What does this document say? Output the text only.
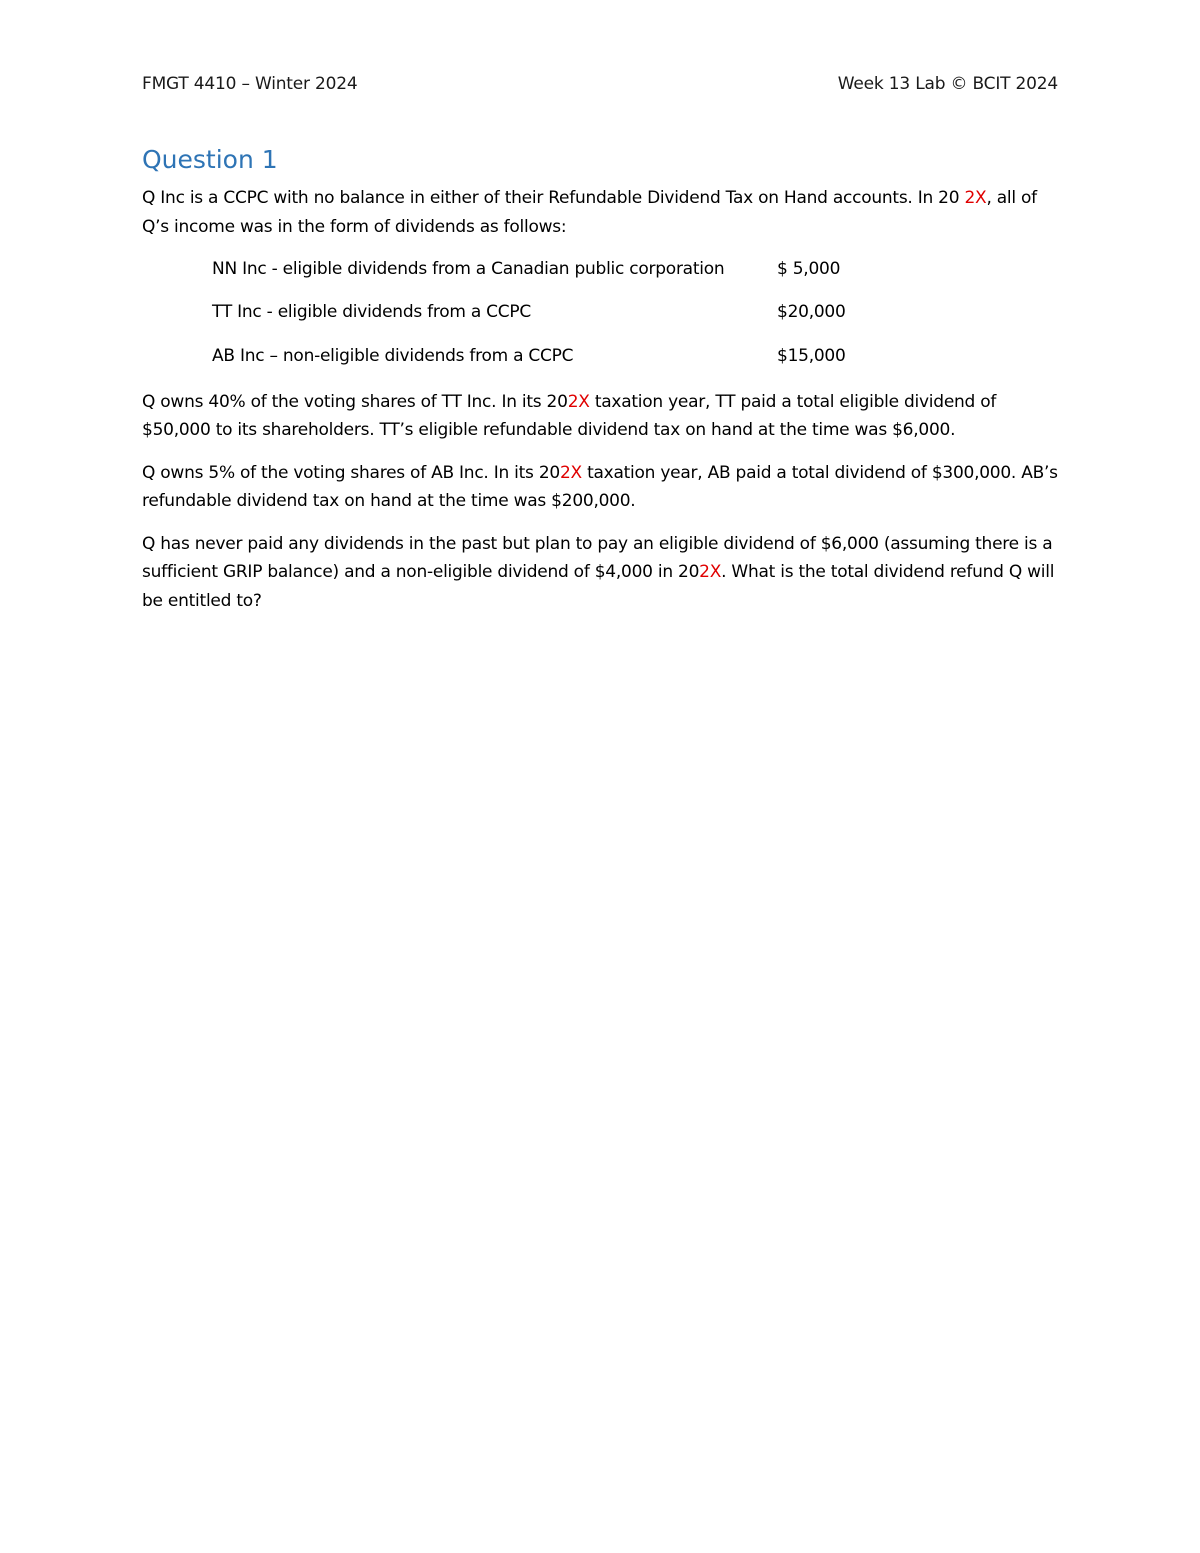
FMGT 4410 – Winter 2024	Week 13 Lab © BCIT 2024
Question 1

Q Inc is a CCPC with no balance in either of their Refundable Dividend Tax on Hand accounts. In 20 2X, all of Q’s income was in the form of dividends as follows:

NN Inc - eligible dividends from a Canadian public corporation	$ 5,000
TT Inc - eligible dividends from a CCPC	$20,000
AB Inc – non-eligible dividends from a CCPC	$15,000

Q owns 40% of the voting shares of TT Inc. In its 202X taxation year, TT paid a total eligible dividend of $50,000 to its shareholders. TT’s eligible refundable dividend tax on hand at the time was $6,000.

Q owns 5% of the voting shares of AB Inc. In its 202X taxation year, AB paid a total dividend of $300,000. AB’s refundable dividend tax on hand at the time was $200,000.

Q has never paid any dividends in the past but plan to pay an eligible dividend of $6,000 (assuming there is a sufficient GRIP balance) and a non-eligible dividend of $4,000 in 202X. What is the total dividend refund Q will be entitled to?
